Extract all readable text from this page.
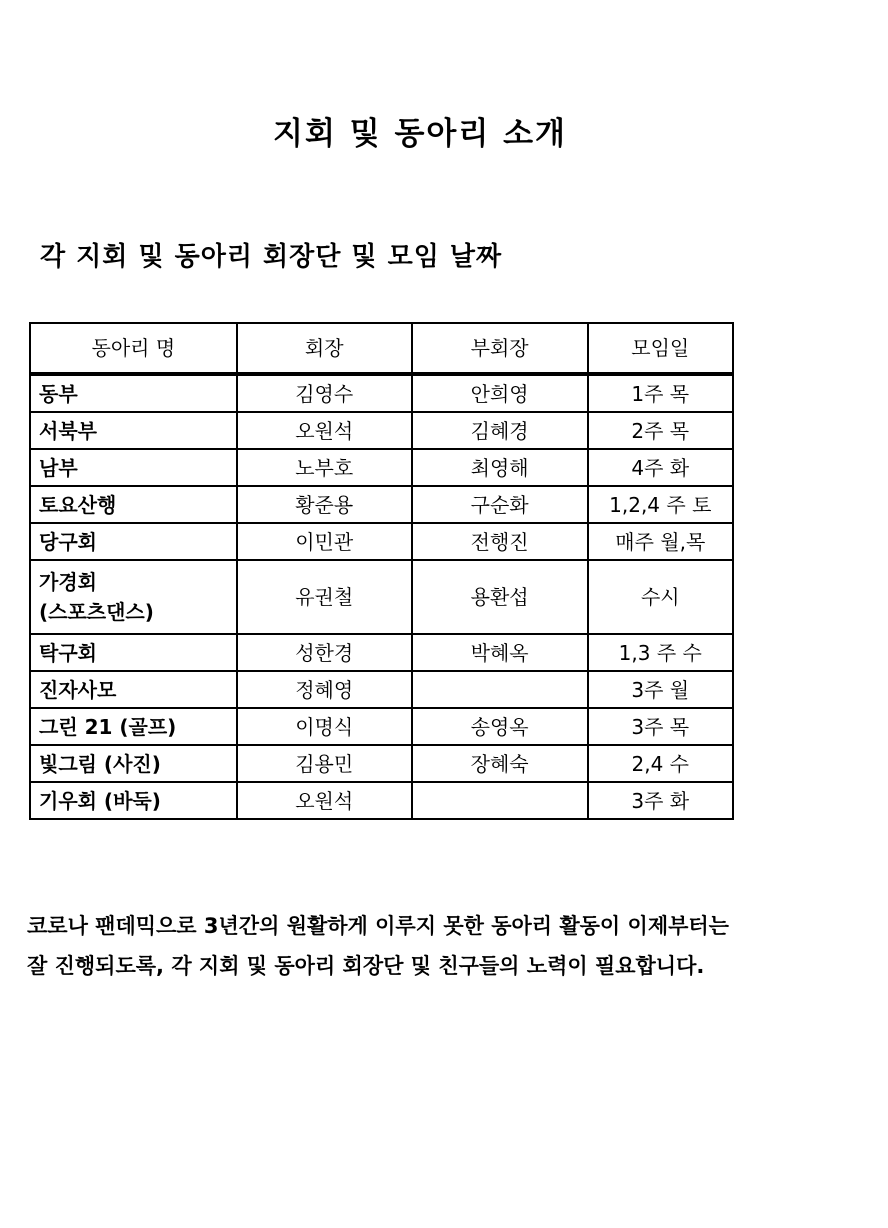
지회 및 동아리 소개
각 지회 및 동아리 회장단 및 모임 날짜
동아리 명	회장	부회장	모임일
동부	김영수	안희영	1주 목
서북부	오원석	김혜경	2주 목
남부	노부호	최영해	4주 화
토요산행	황준용	구순화	1,2,4 주 토
당구회	이민관	전행진	매주 월,목
가경회
(스포츠댄스)	유권철	용환섭	수시
탁구회	성한경	박혜옥	1,3 주 수
진자사모	정혜영		3주 월
그린 21 (골프)	이명식	송영옥	3주 목
빛그림 (사진)	김용민	장혜숙	2,4 수
기우회 (바둑)	오원석		3주 화

코로나 팬데믹으로 3년간의 원활하게 이루지 못한 동아리 활동이 이제부터는
잘 진행되도록, 각 지회 및 동아리 회장단 및 친구들의 노력이 필요합니다.
